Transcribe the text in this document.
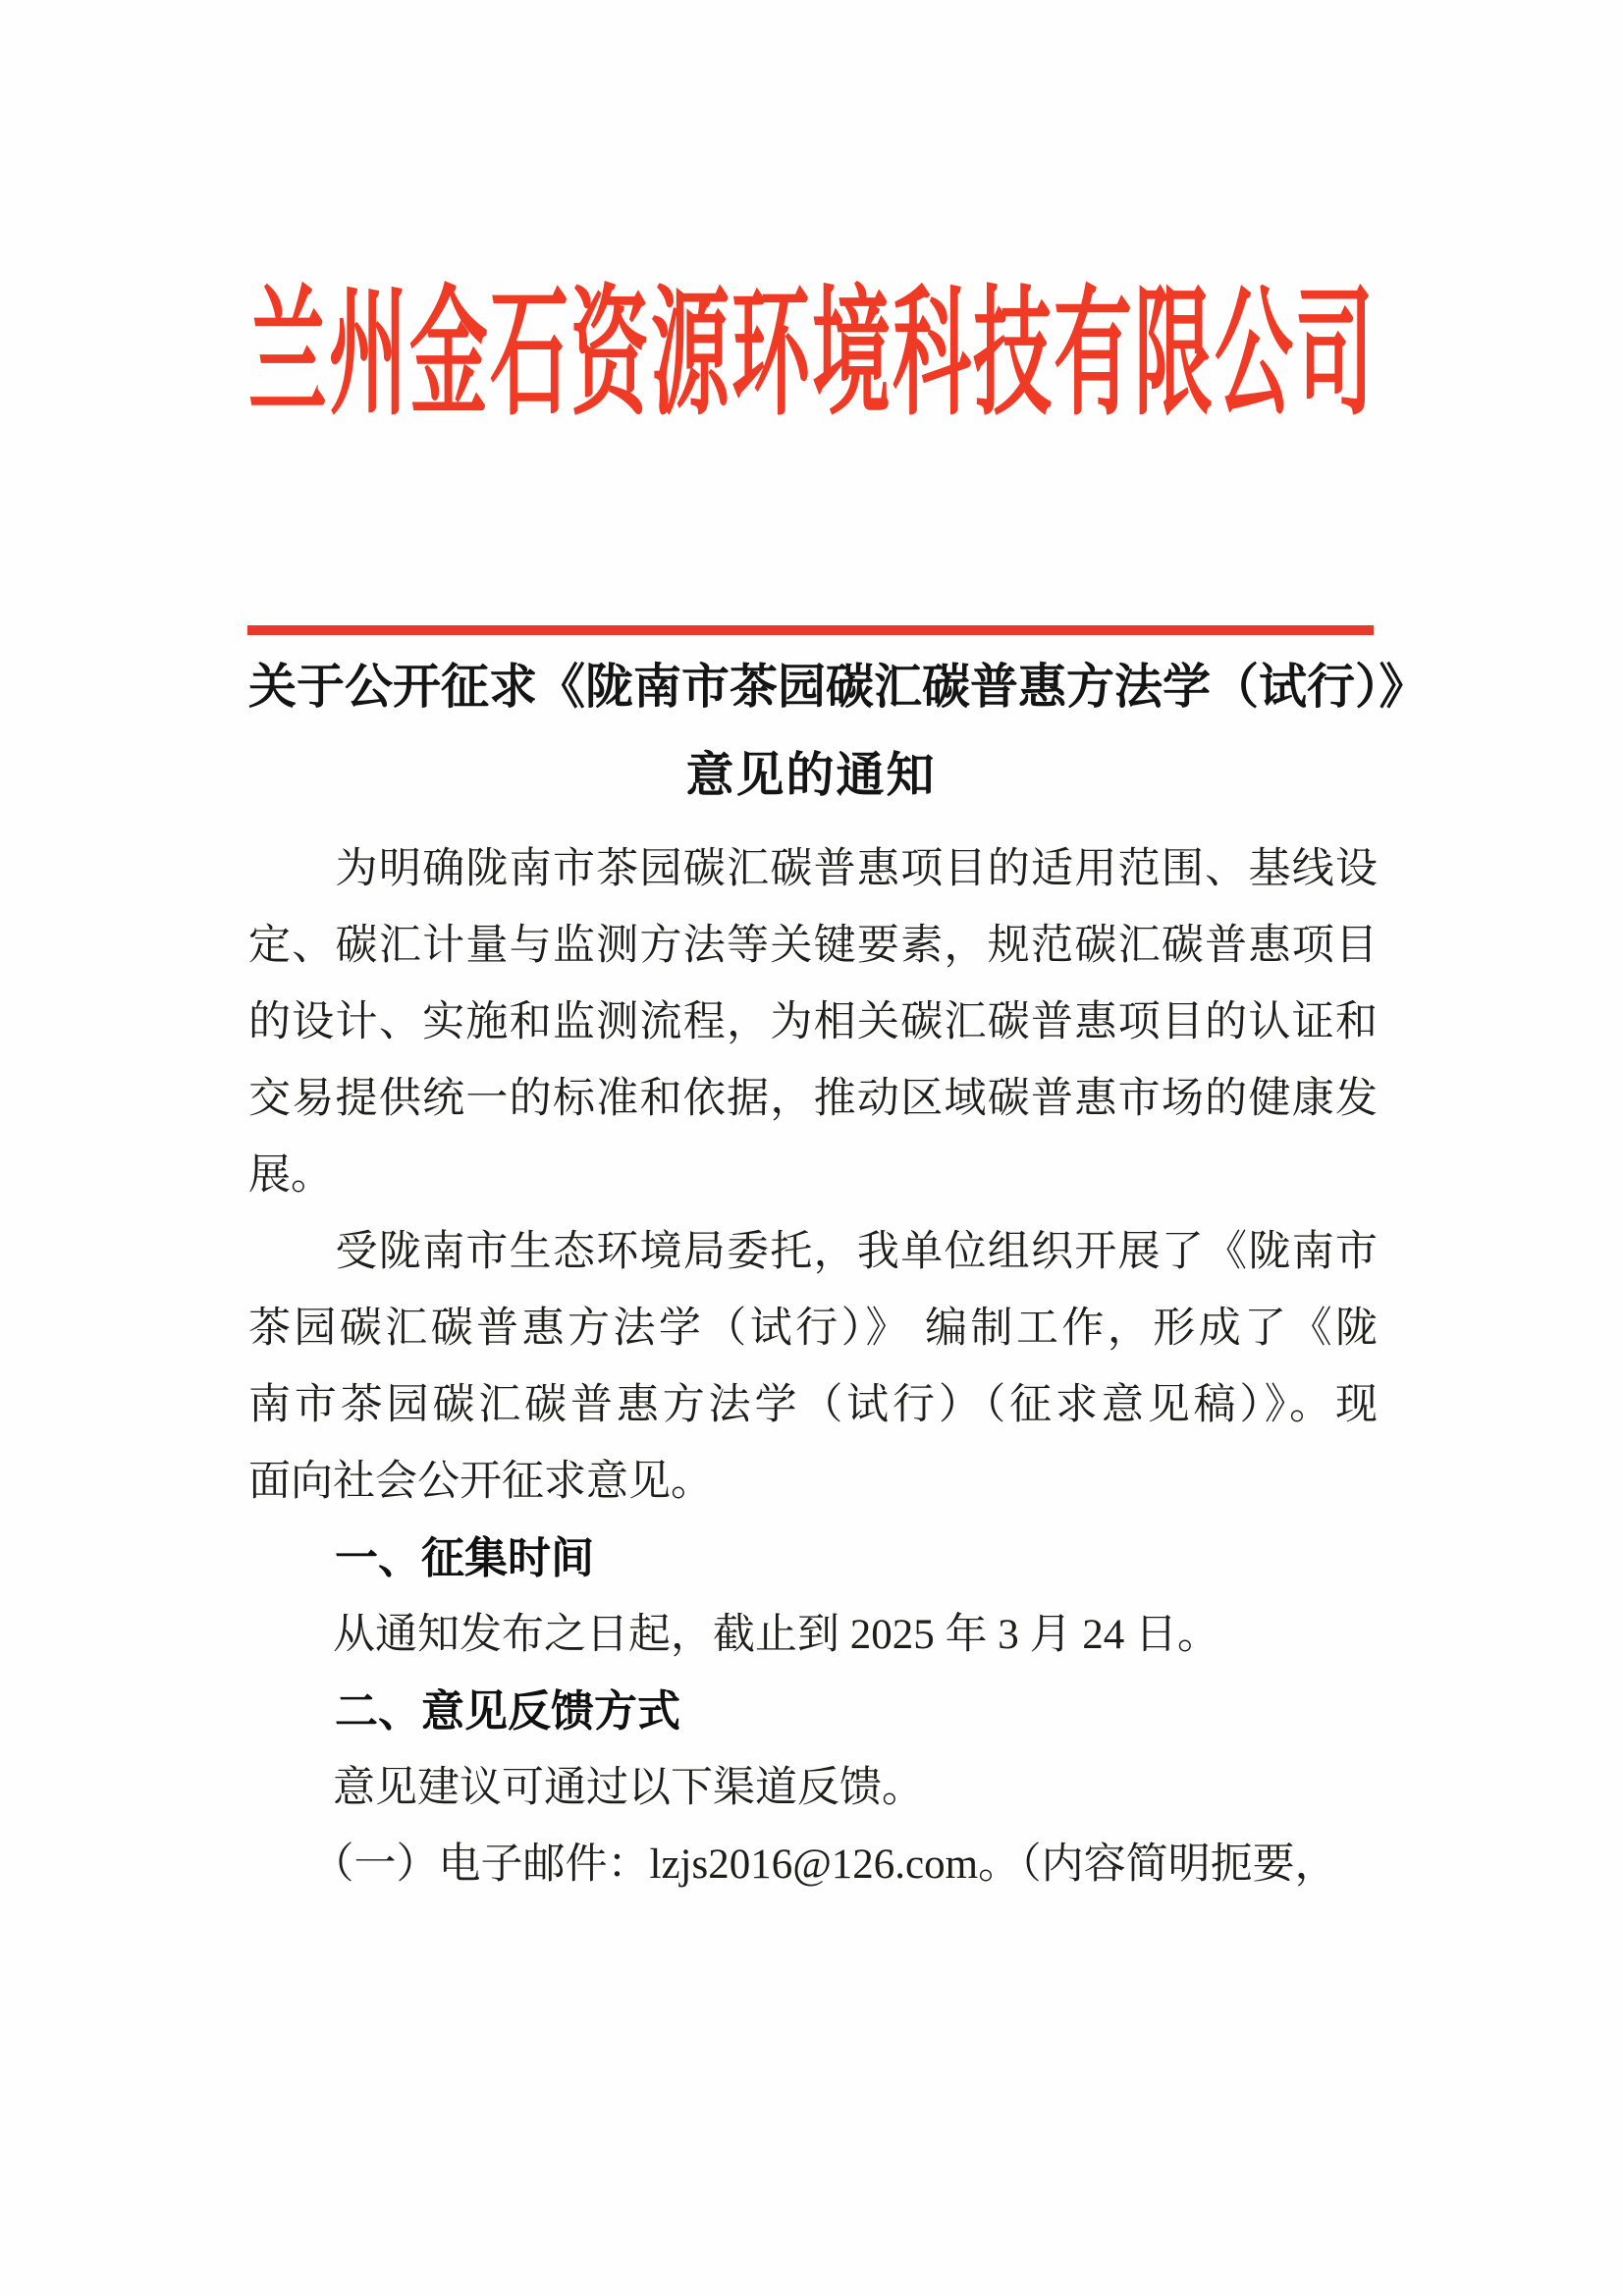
兰州金石资源环境科技有限公司
关于公开征求《陇南市茶园碳汇碳普惠方法学（试行）》
意见的通知
　　为明确陇南市茶园碳汇碳普惠项目的适用范围、基线设
定、碳汇计量与监测方法等关键要素，规范碳汇碳普惠项目
的设计、实施和监测流程，为相关碳汇碳普惠项目的认证和
交易提供统一的标准和依据，推动区域碳普惠市场的健康发
展。
　　受陇南市生态环境局委托，我单位组织开展了《陇南市
茶园碳汇碳普惠方法学（试行）》 编制工作，形成了《陇
南市茶园碳汇碳普惠方法学（试行）（征求意见稿）》。现
面向社会公开征求意见。
　　一、征集时间
　　从通知发布之日起，截止到 2025 年 3 月 24 日。
　　二、意见反馈方式
　　意见建议可通过以下渠道反馈。
　　（一）电子邮件：lzjs2016@126.com。（内容简明扼要，
